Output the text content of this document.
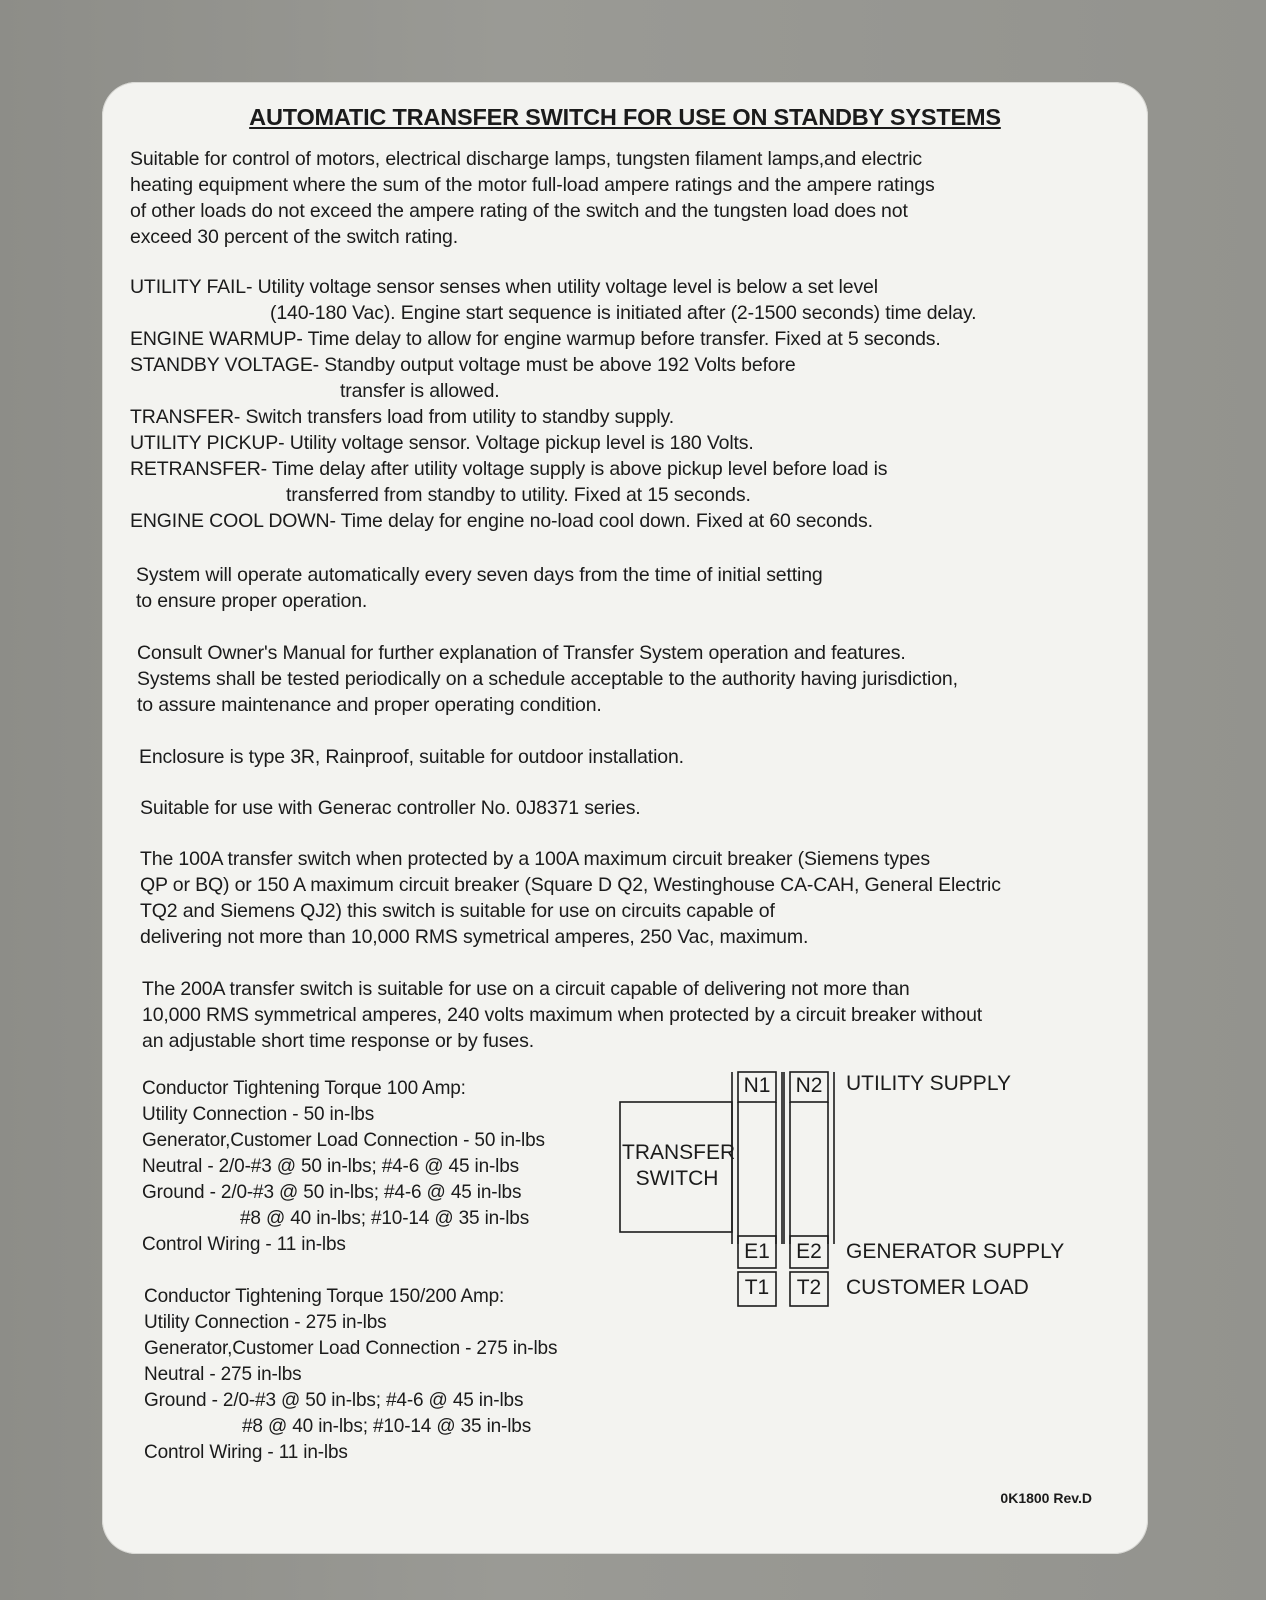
AUTOMATIC TRANSFER SWITCH FOR USE ON STANDBY SYSTEMS

Suitable for control of motors, electrical discharge lamps, tungsten filament lamps,and electric

heating equipment where the sum of the motor full-load ampere ratings and the ampere ratings

of other loads do not exceed the ampere rating of the switch and the tungsten load does not

exceed 30 percent of the switch rating.

UTILITY FAIL- Utility voltage sensor senses when utility voltage level is below a set level

(140-180 Vac). Engine start sequence is initiated after (2-1500 seconds) time delay.

ENGINE WARMUP- Time delay to allow for engine warmup before transfer. Fixed at 5 seconds.

STANDBY VOLTAGE- Standby output voltage must be above 192 Volts before

transfer is allowed.

TRANSFER- Switch transfers load from utility to standby supply.

UTILITY PICKUP- Utility voltage sensor. Voltage pickup level is 180 Volts.

RETRANSFER- Time delay after utility voltage supply is above pickup level before load is

transferred from standby to utility. Fixed at 15 seconds.

ENGINE COOL DOWN- Time delay for engine no-load cool down. Fixed at 60 seconds.

System will operate automatically every seven days from the time of initial setting

to ensure proper operation.

Consult Owner's Manual for further explanation of Transfer System operation and features.

Systems shall be tested periodically on a schedule acceptable to the authority having jurisdiction,

to assure maintenance and proper operating condition.

Enclosure is type 3R, Rainproof, suitable for outdoor installation.
Suitable for use with Generac controller No. 0J8371 series.

The 100A transfer switch when protected by a 100A maximum circuit breaker (Siemens types

QP or BQ) or 150 A maximum circuit breaker (Square D Q2, Westinghouse CA-CAH, General Electric

TQ2 and Siemens QJ2) this switch is suitable for use on circuits capable of

delivering not more than 10,000 RMS symetrical amperes, 250 Vac, maximum.

The 200A transfer switch is suitable for use on a circuit capable of delivering not more than

10,000 RMS symmetrical amperes, 240 volts maximum when protected by a circuit breaker without

an adjustable short time response or by fuses.

Conductor Tightening Torque 100 Amp:

Utility Connection - 50 in-lbs

Generator,Customer Load Connection - 50 in-lbs

Neutral - 2/0-#3 @ 50 in-lbs; #4-6 @ 45 in-lbs

Ground - 2/0-#3 @ 50 in-lbs; #4-6 @ 45 in-lbs

#8 @ 40 in-lbs; #10-14 @ 35 in-lbs

Control Wiring - 11 in-lbs

Conductor Tightening Torque 150/200 Amp:

Utility Connection - 275 in-lbs

Generator,Customer Load Connection - 275 in-lbs

Neutral - 275 in-lbs

Ground - 2/0-#3 @ 50 in-lbs; #4-6 @ 45 in-lbs

#8 @ 40 in-lbs; #10-14 @ 35 in-lbs

Control Wiring - 11 in-lbs

TRANSFER
SWITCH
N1 N2
E1 E2
T1	T2
UTILITY SUPPLY
GENERATOR SUPPLY
CUSTOMER LOAD
0K1800 Rev.D
